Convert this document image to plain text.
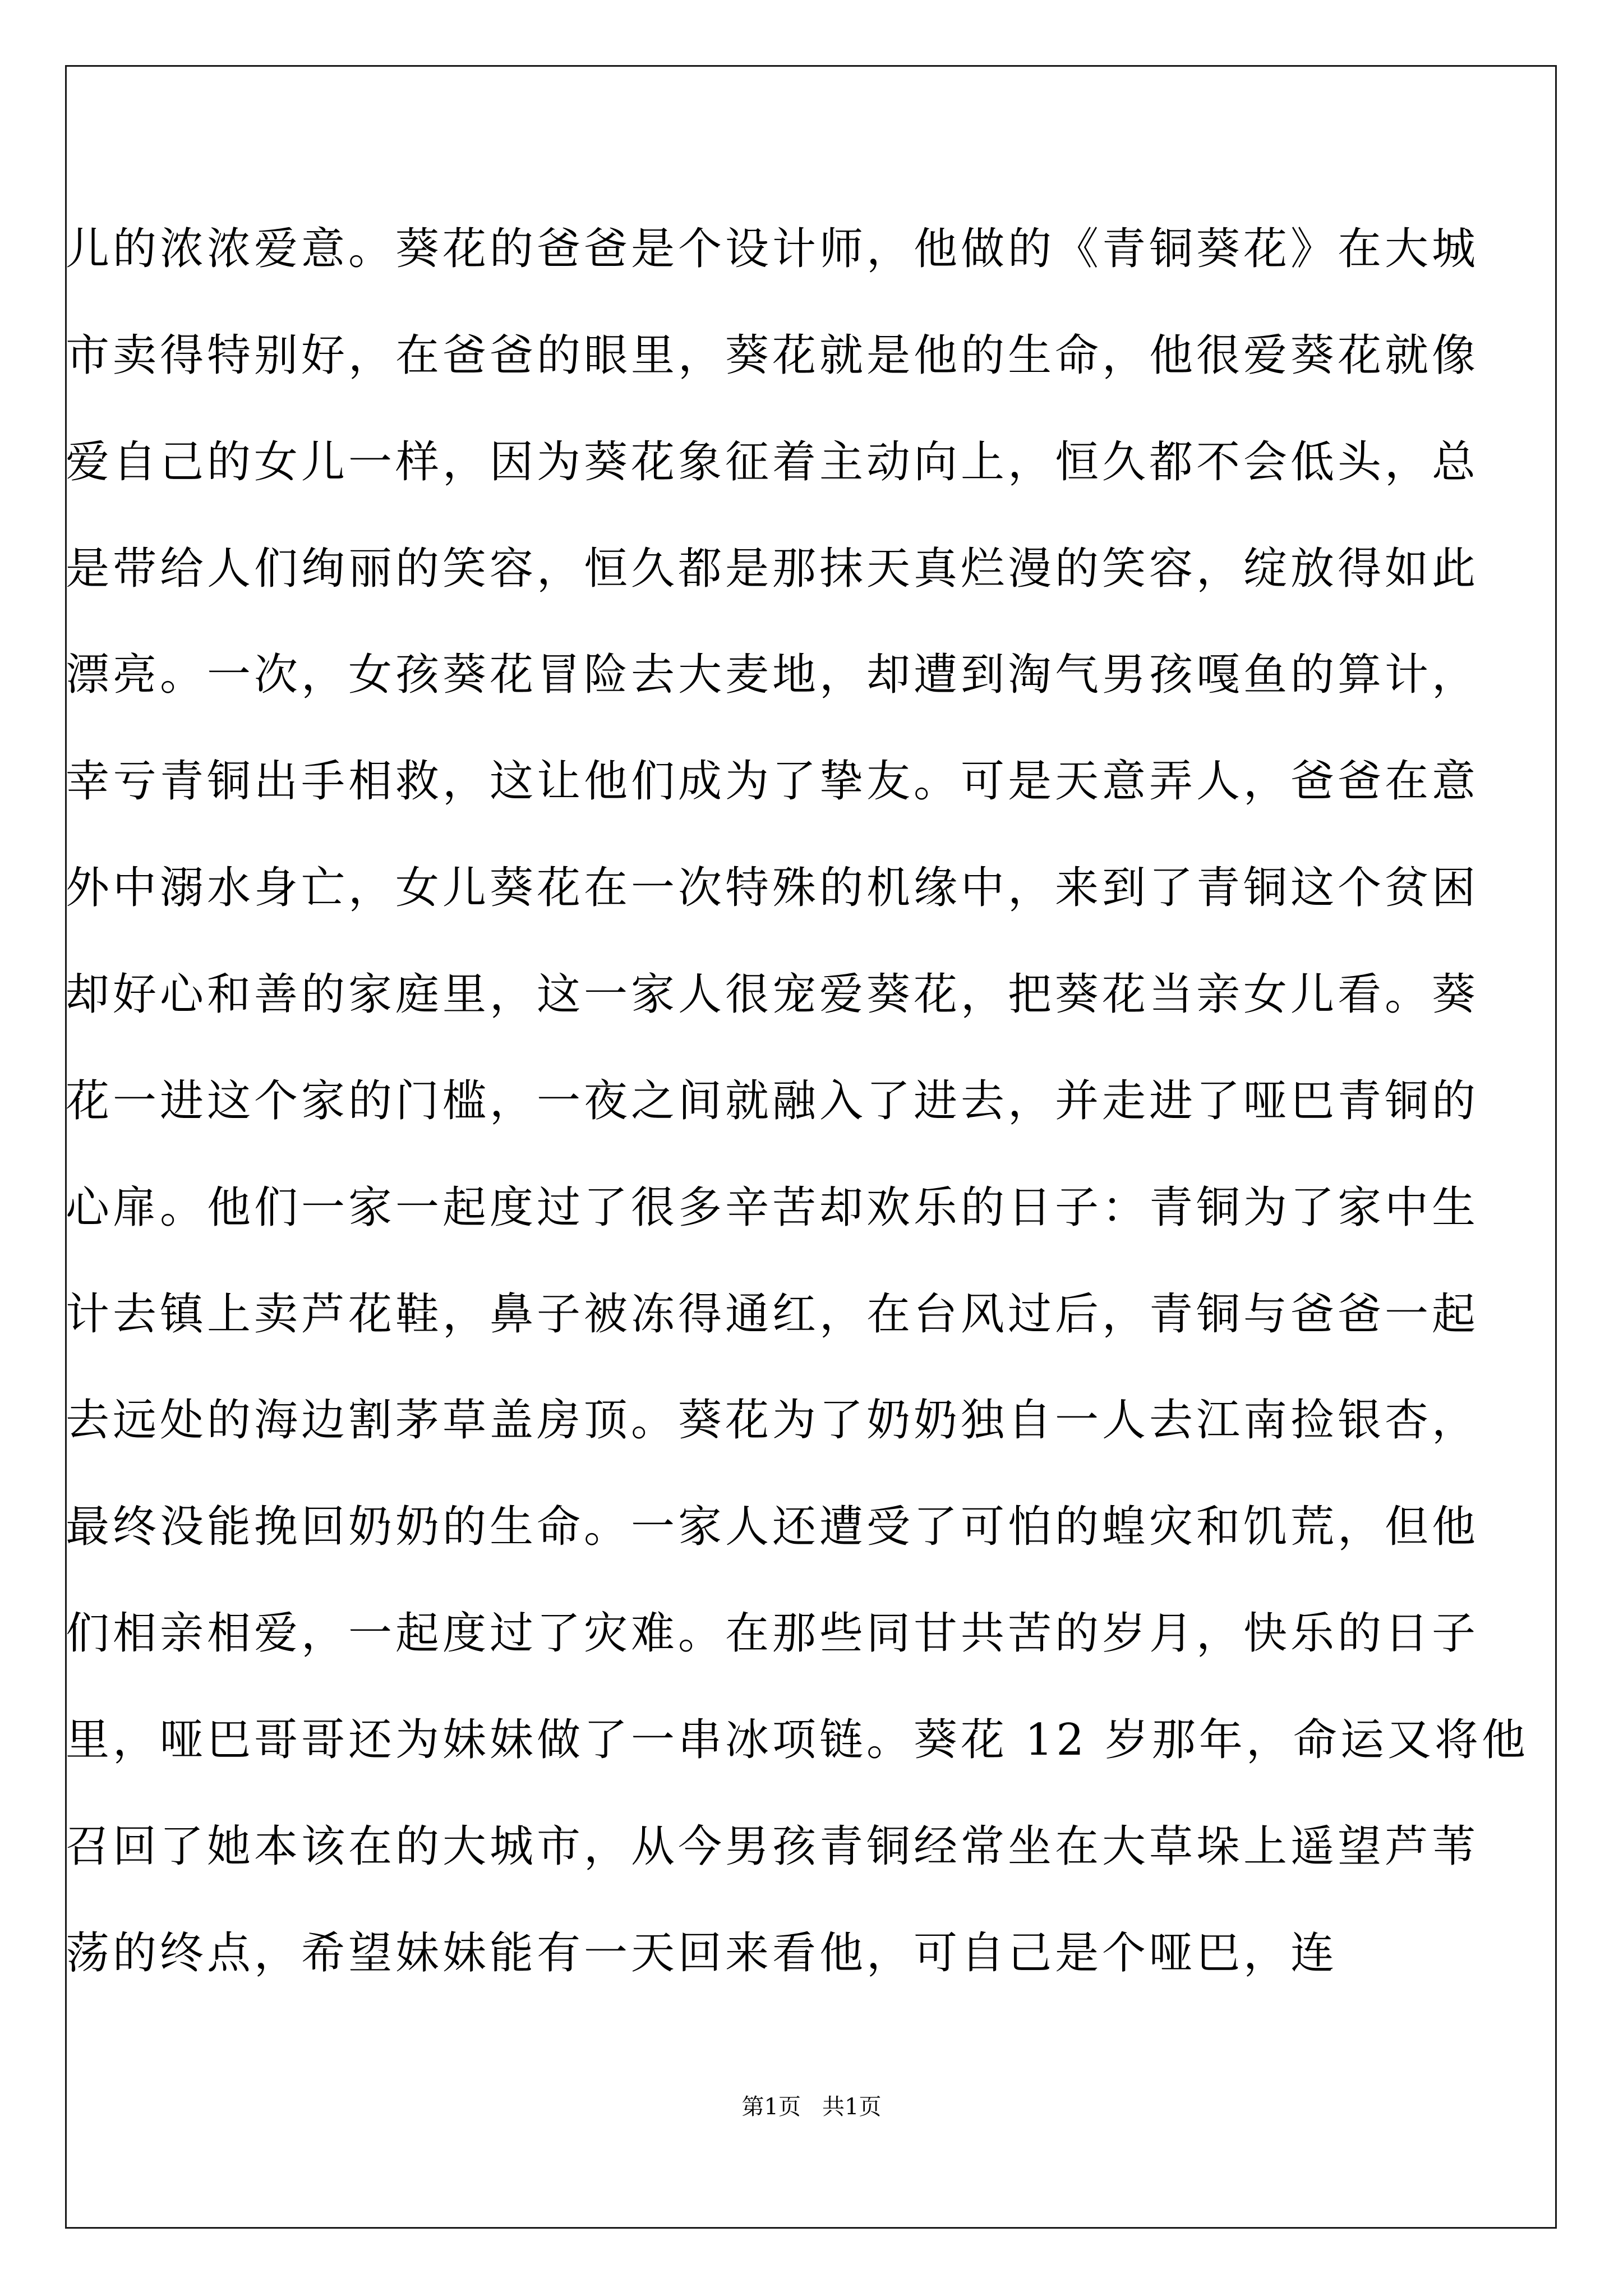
儿的浓浓爱意。葵花的爸爸是个设计师，他做的《青铜葵花》在大城
市卖得特别好，在爸爸的眼里，葵花就是他的生命，他很爱葵花就像
爱自己的女儿一样，因为葵花象征着主动向上，恒久都不会低头，总
是带给人们绚丽的笑容，恒久都是那抹天真烂漫的笑容，绽放得如此
漂亮。一次，女孩葵花冒险去大麦地，却遭到淘气男孩嘎鱼的算计，
幸亏青铜出手相救，这让他们成为了挚友。可是天意弄人，爸爸在意
外中溺水身亡，女儿葵花在一次特殊的机缘中，来到了青铜这个贫困
却好心和善的家庭里，这一家人很宠爱葵花，把葵花当亲女儿看。葵
花一进这个家的门槛，一夜之间就融入了进去，并走进了哑巴青铜的
心扉。他们一家一起度过了很多辛苦却欢乐的日子：青铜为了家中生
计去镇上卖芦花鞋，鼻子被冻得通红，在台风过后，青铜与爸爸一起
去远处的海边割茅草盖房顶。葵花为了奶奶独自一人去江南捡银杏，
最终没能挽回奶奶的生命。一家人还遭受了可怕的蝗灾和饥荒，但他
们相亲相爱，一起度过了灾难。在那些同甘共苦的岁月，快乐的日子
里，哑巴哥哥还为妹妹做了一串冰项链。葵花 12 岁那年，命运又将他
召回了她本该在的大城市，从今男孩青铜经常坐在大草垛上遥望芦苇
荡的终点，希望妹妹能有一天回来看他，可自己是个哑巴，连
第1页 共1页
